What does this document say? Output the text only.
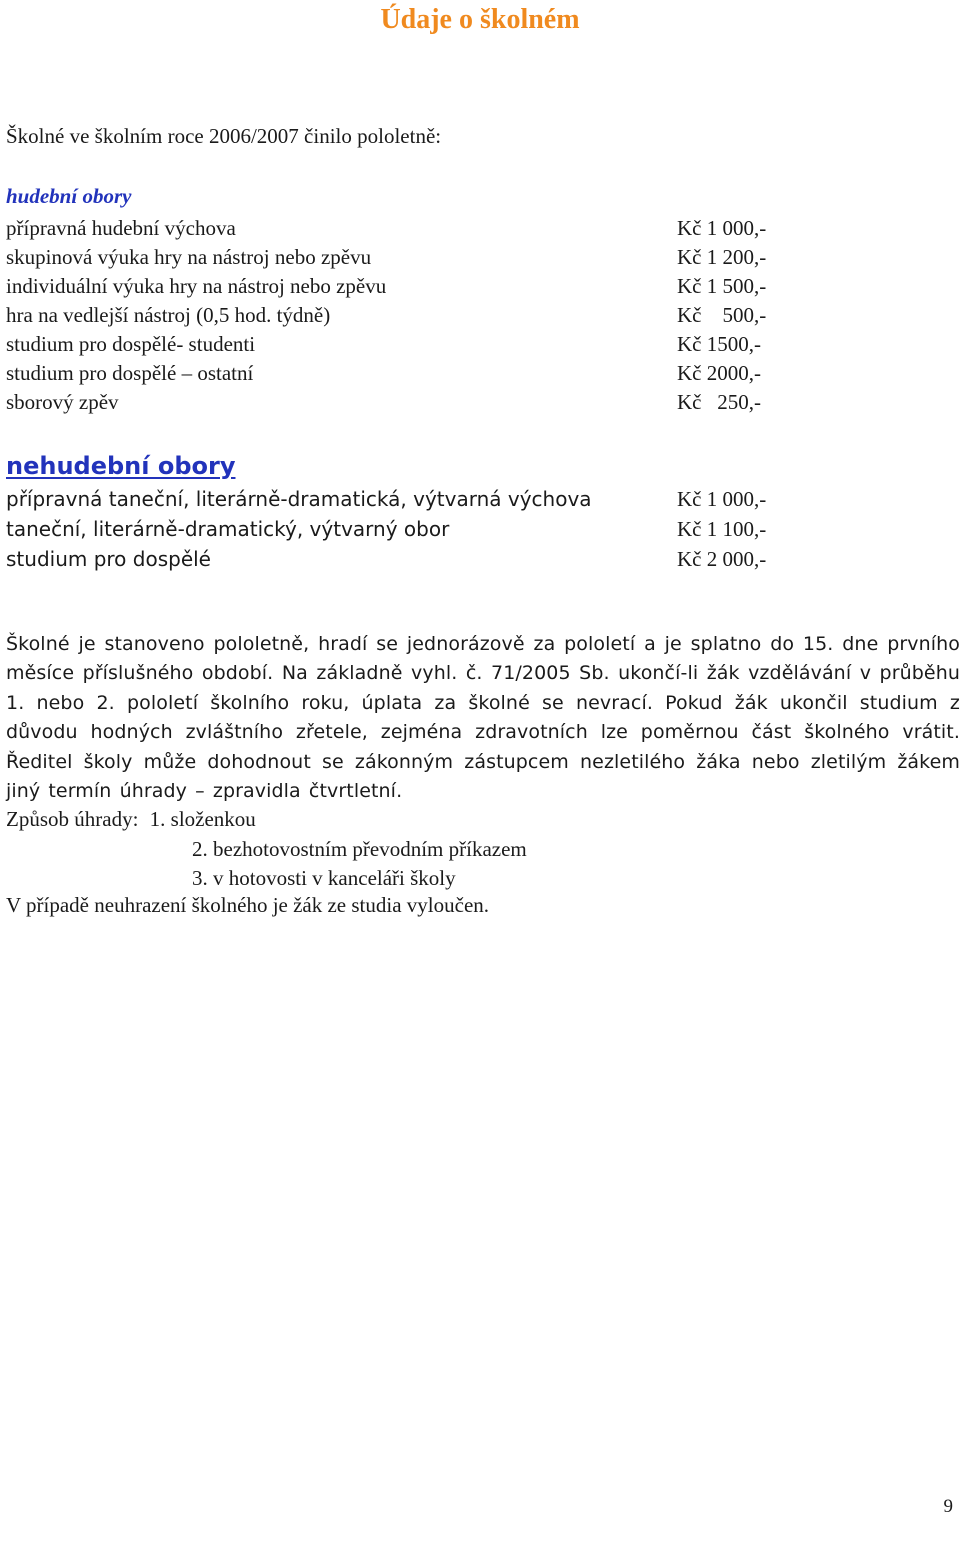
Údaje o školném

Školné ve školním roce 2006/2007 činilo pololetně:

hudební obory
přípravná hudební výchova	Kč 1 000,-
skupinová výuka hry na nástroj nebo zpěvu	Kč 1 200,-
individuální výuka hry na nástroj nebo zpěvu	Kč 1 500,-
hra na vedlejší nástroj (0,5 hod. týdně)	Kč    500,-
studium pro dospělé- studenti	Kč 1500,-
studium pro dospělé – ostatní	Kč 2000,-
sborový zpěv	Kč   250,-
nehudební obory
přípravná taneční, literárně-dramatická, výtvarná výchova	Kč 1 000,-
taneční, literárně-dramatický, výtvarný obor	Kč 1 100,-
studium pro dospělé	Kč 2 000,-

Školné je stanoveno pololetně, hradí se jednorázově za pololetí a je splatno do 15. dne prvního měsíce příslušného období. Na základně vyhl. č. 71/2005 Sb. ukončí-li žák vzdělávání v průběhu 1. nebo 2. pololetí školního roku, úplata za školné se nevrací. Pokud žák ukončil studium z důvodu hodných zvláštního zřetele, zejména zdravotních lze poměrnou část školného vrátit. Ředitel školy může dohodnout se zákonným zástupcem nezletilého žáka nebo zletilým žákem jiný termín úhrady – zpravidla čtvrtletní.

Způsob úhrady: 1. složenkou
2. bezhotovostním převodním příkazem
3. v hotovosti v kanceláři školy

V případě neuhrazení školného je žák ze studia vyloučen.

9
